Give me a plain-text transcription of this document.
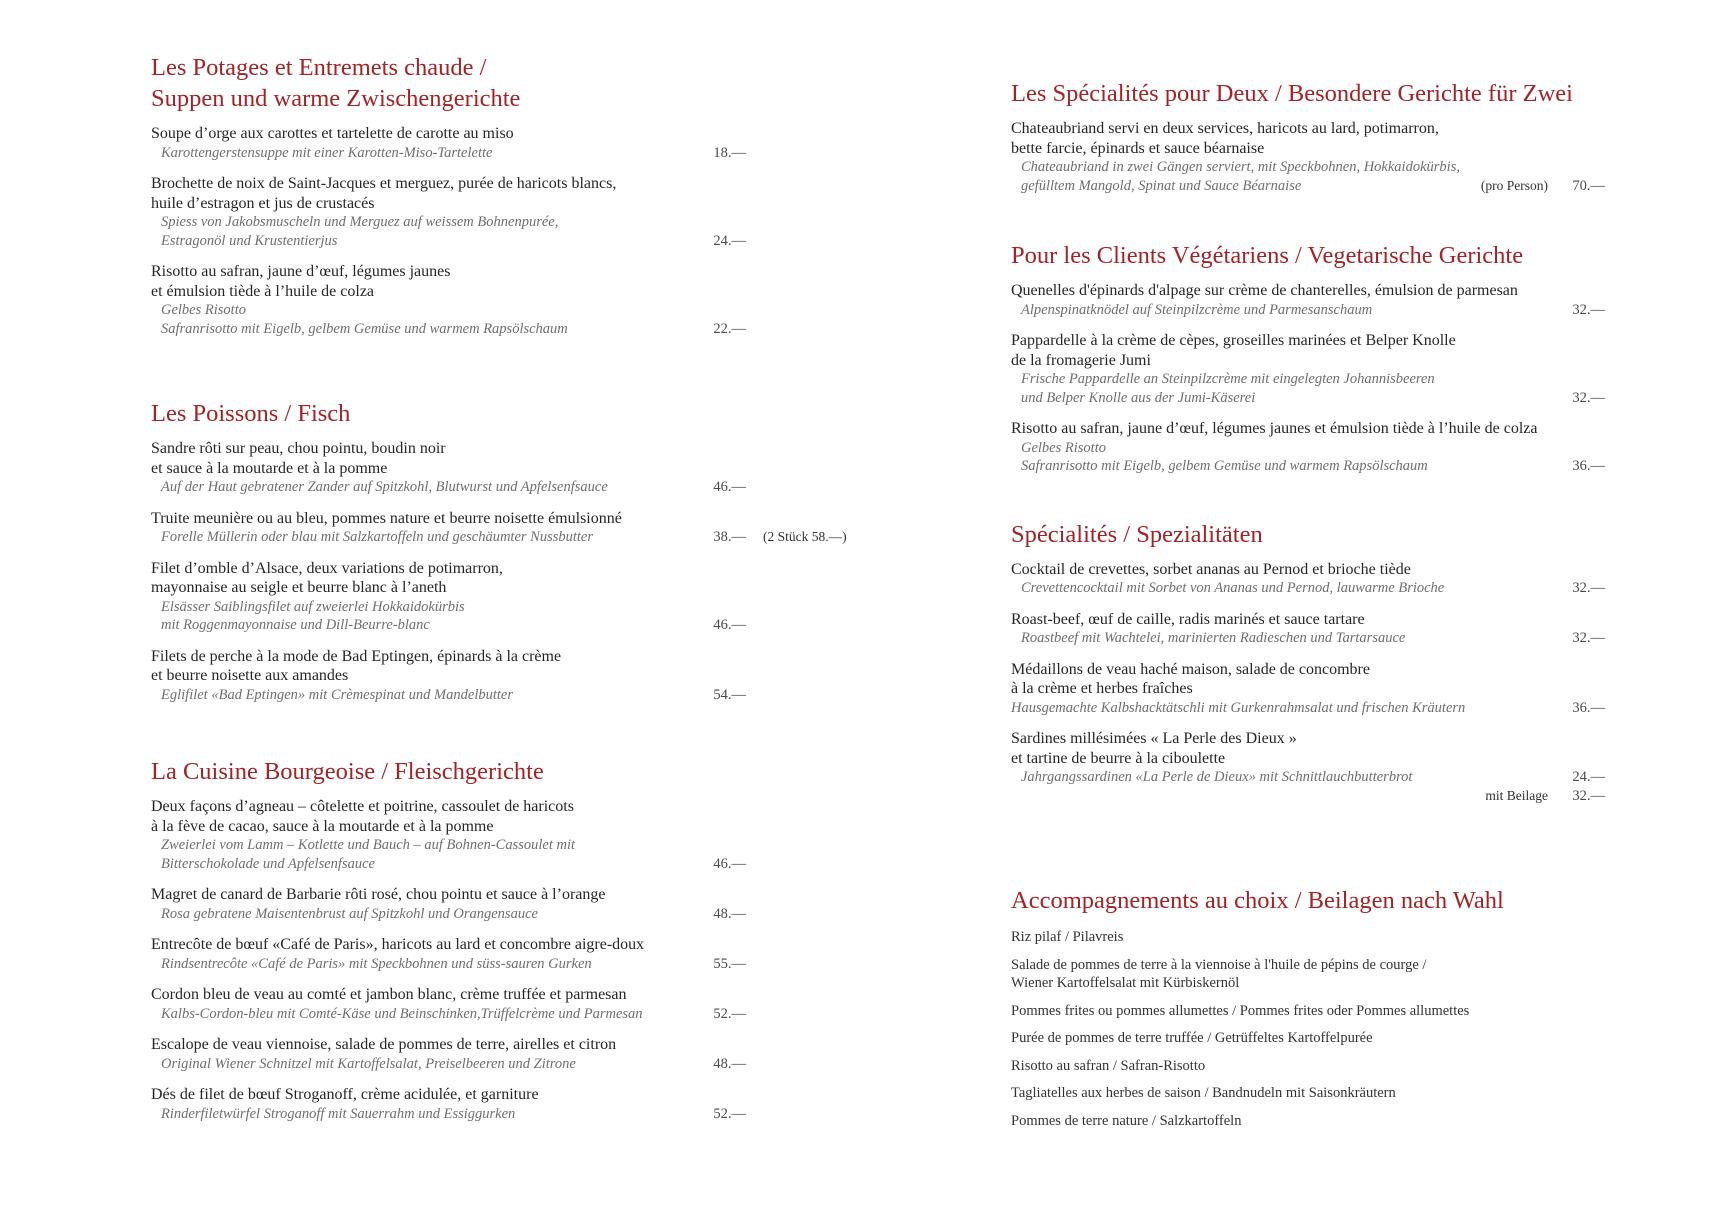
Les Potages et Entremets chaude /
Suppen und warme Zwischengerichte
Soupe d’orge aux carottes et tartelette de carotte au miso
Karottengerstensuppe mit einer Karotten-Miso-Tartelette	18.—
Brochette de noix de Saint-Jacques et merguez, purée de haricots blancs,
huile d’estragon et jus de crustacés
Spiess von Jakobsmuscheln und Merguez auf weissem Bohnenpurée,
Estragonöl und Krustentierjus	24.—
Risotto au safran, jaune d’œuf, légumes jaunes
et émulsion tiède à l’huile de colza
Gelbes Risotto
Safranrisotto mit Eigelb, gelbem Gemüse und warmem Rapsölschaum	22.—
Les Poissons / Fisch
Sandre rôti sur peau, chou pointu, boudin noir
et sauce à la moutarde et à la pomme
Auf der Haut gebratener Zander auf Spitzkohl, Blutwurst und Apfelsenfsauce	46.—
Truite meunière ou au bleu, pommes nature et beurre noisette émulsionné
Forelle Müllerin oder blau mit Salzkartoffeln und geschäumter Nussbutter	38.— (2 Stück 58.—)
Filet d’omble d’Alsace, deux variations de potimarron,
mayonnaise au seigle et beurre blanc à l’aneth
Elsässer Saiblingsfilet auf zweierlei Hokkaidokürbis
mit Roggenmayonnaise und Dill-Beurre-blanc	46.—
Filets de perche à la mode de Bad Eptingen, épinards à la crème
et beurre noisette aux amandes
Eglifilet «Bad Eptingen» mit Crèmespinat und Mandelbutter	54.—
La Cuisine Bourgeoise / Fleischgerichte
Deux façons d’agneau – côtelette et poitrine, cassoulet de haricots
à la fève de cacao, sauce à la moutarde et à la pomme
Zweierlei vom Lamm – Kotlette und Bauch – auf Bohnen-Cassoulet mit
Bitterschokolade und Apfelsenfsauce	46.—
Magret de canard de Barbarie rôti rosé, chou pointu et sauce à l’orange
Rosa gebratene Maisentenbrust auf Spitzkohl und Orangensauce	48.—
Entrecôte de bœuf «Café de Paris», haricots au lard et concombre aigre-doux
Rindsentrecôte «Café de Paris» mit Speckbohnen und süss-sauren Gurken	55.—
Cordon bleu de veau au comté et jambon blanc, crème truffée et parmesan
Kalbs-Cordon-bleu mit Comté-Käse und Beinschinken,Trüffelcrème und Parmesan	52.—
Escalope de veau viennoise, salade de pommes de terre, airelles et citron
Original Wiener Schnitzel mit Kartoffelsalat, Preiselbeeren und Zitrone	48.—
Dés de filet de bœuf Stroganoff, crème acidulée, et garniture
Rinderfiletwürfel Stroganoff mit Sauerrahm und Essiggurken	52.—
Les Spécialités pour Deux / Besondere Gerichte für Zwei
Chateaubriand servi en deux services, haricots au lard, potimarron,
bette farcie, épinards et sauce béarnaise
Chateaubriand in zwei Gängen serviert, mit Speckbohnen, Hokkaidokürbis,
gefülltem Mangold, Spinat und Sauce Béarnaise	70.—
(pro Person)
Pour les Clients Végétariens / Vegetarische Gerichte
Quenelles d'épinards d'alpage sur crème de chanterelles, émulsion de parmesan
Alpenspinatknödel auf Steinpilzcrème und Parmesanschaum	32.—
Pappardelle à la crème de cèpes, groseilles marinées et Belper Knolle
de la fromagerie Jumi
Frische Pappardelle an Steinpilzcrème mit eingelegten Johannisbeeren
und Belper Knolle aus der Jumi-Käserei	32.—
Risotto au safran, jaune d’œuf, légumes jaunes et émulsion tiède à l’huile de colza
Gelbes Risotto
Safranrisotto mit Eigelb, gelbem Gemüse und warmem Rapsölschaum	36.—
Spécialités / Spezialitäten
Cocktail de crevettes, sorbet ananas au Pernod et brioche tiède
Crevettencocktail mit Sorbet von Ananas und Pernod, lauwarme Brioche	32.—
Roast-beef, œuf de caille, radis marinés et sauce tartare
Roastbeef mit Wachtelei, marinierten Radieschen und Tartarsauce	32.—
Médaillons de veau haché maison, salade de concombre
à la crème et herbes fraîches
Hausgemachte Kalbshacktätschli mit Gurkenrahmsalat und frischen Kräutern	36.—
Sardines millésimées « La Perle des Dieux »
et tartine de beurre à la ciboulette
Jahrgangssardinen «La Perle de Dieux» mit Schnittlauchbutterbrot	24.—
mit Beilage 32.—
Accompagnements au choix / Beilagen nach Wahl
Riz pilaf / Pilavreis
Salade de pommes de terre à la viennoise à l'huile de pépins de courge /
Wiener Kartoffelsalat mit Kürbiskernöl
Pommes frites ou pommes allumettes / Pommes frites oder Pommes allumettes
Purée de pommes de terre truffée / Getrüffeltes Kartoffelpurée
Risotto au safran / Safran-Risotto
Tagliatelles aux herbes de saison / Bandnudeln mit Saisonkräutern
Pommes de terre nature / Salzkartoffeln
